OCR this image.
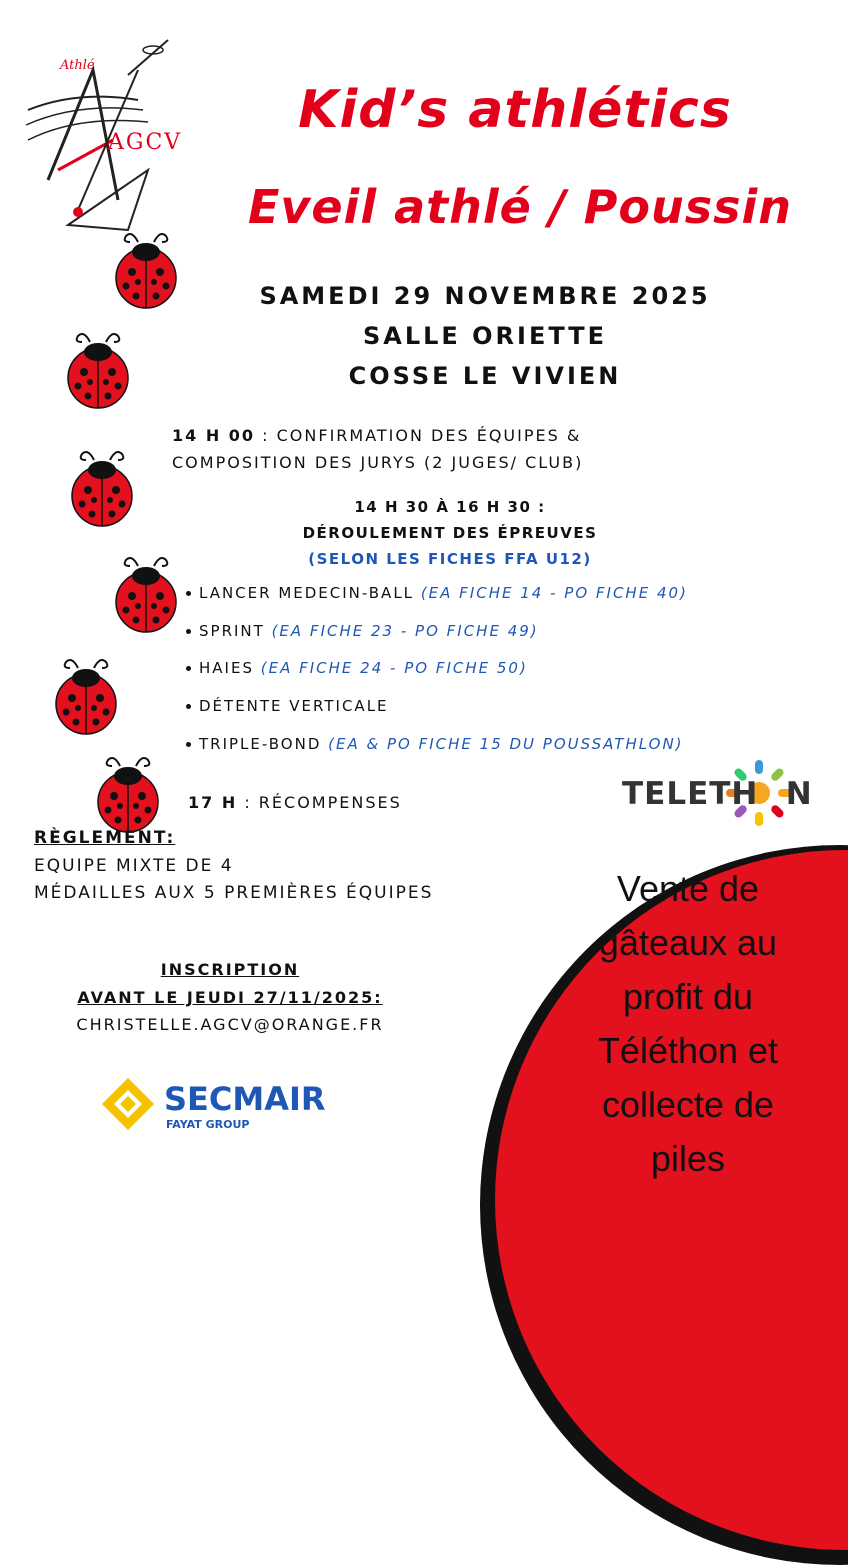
Athlé
AGCV
Kid’s athlétics
Eveil athlé / Poussin
SAMEDI 29 NOVEMBRE 2025
SALLE ORIETTE
COSSE LE VIVIEN
14 H 00 : CONFIRMATION DES ÉQUIPES &
COMPOSITION DES JURYS (2 JUGES/ CLUB)
14 H 30 À 16 H 30 :
DÉROULEMENT DES ÉPREUVES
(SELON LES FICHES FFA U12)
LANCER MEDECIN-BALL (EA FICHE 14 - PO FICHE 40)
SPRINT (EA FICHE 23 - PO FICHE 49)
HAIES (EA FICHE 24 - PO FICHE 50)
DÉTENTE VERTICALE
TRIPLE-BOND (EA & PO FICHE 15 DU POUSSATHLON)
17 H : RÉCOMPENSES	TELETH N
RÈGLEMENT:
EQUIPE MIXTE DE 4
MÉDAILLES AUX 5 PREMIÈRES ÉQUIPES	Vente de
gâteaux au
profit du
Téléthon et
collecte de
piles
INSCRIPTION
AVANT LE JEUDI 27/11/2025:
CHRISTELLE.AGCV@ORANGE.FR
SECMAIR
FAYAT GROUP
